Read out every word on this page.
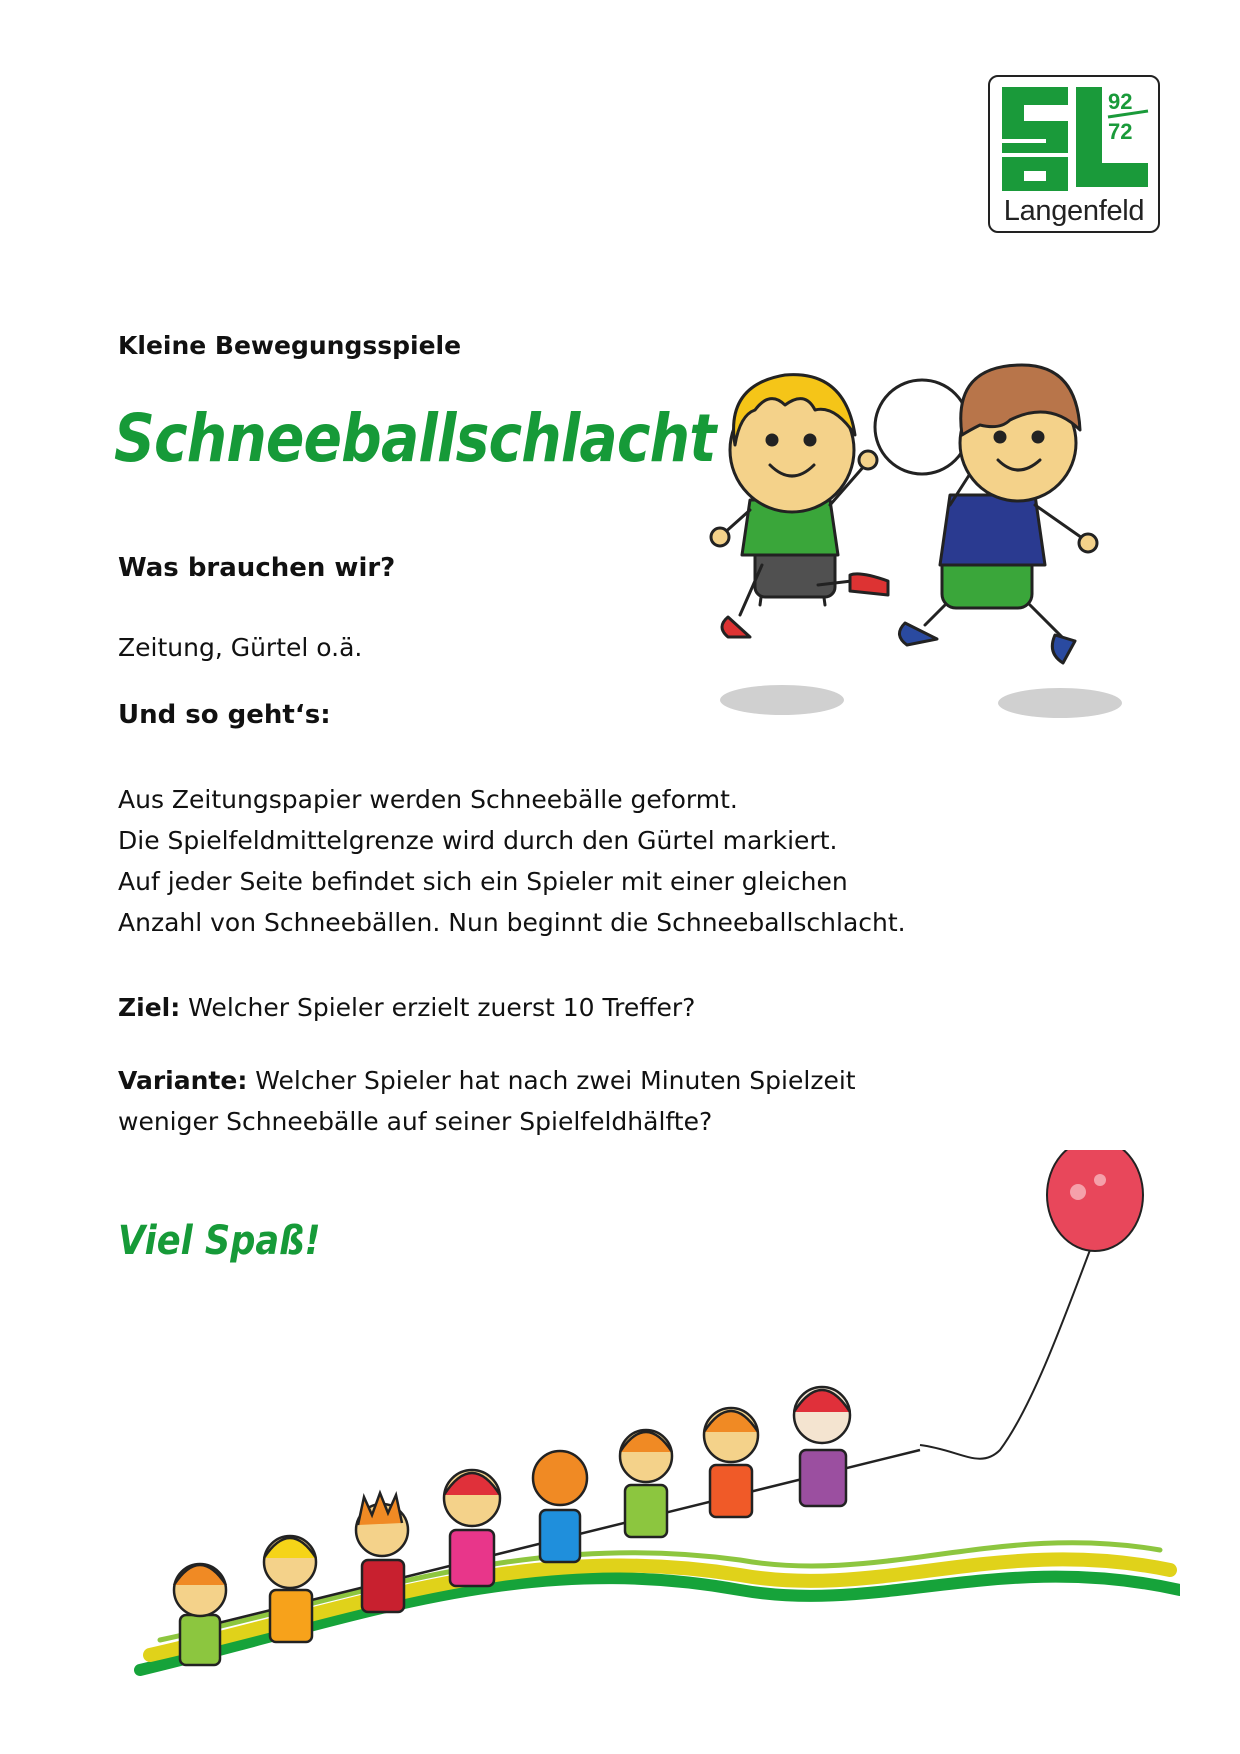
92
72
Langenfeld
Kleine Bewegungsspiele
Schneeballschlacht
Was brauchen wir?
Zeitung, Gürtel o.ä.
Und so geht‘s:
Aus Zeitungspapier werden Schneebälle geformt.
Die Spielfeldmittelgrenze wird durch den Gürtel markiert.
Auf jeder Seite befindet sich ein Spieler mit einer gleichen
Anzahl von Schneebällen. Nun beginnt die Schneeballschlacht.
Ziel: Welcher Spieler erzielt zuerst 10 Treffer?
Variante: Welcher Spieler hat nach zwei Minuten Spielzeit
weniger Schneebälle auf seiner Spielfeldhälfte?
Viel Spaß!
